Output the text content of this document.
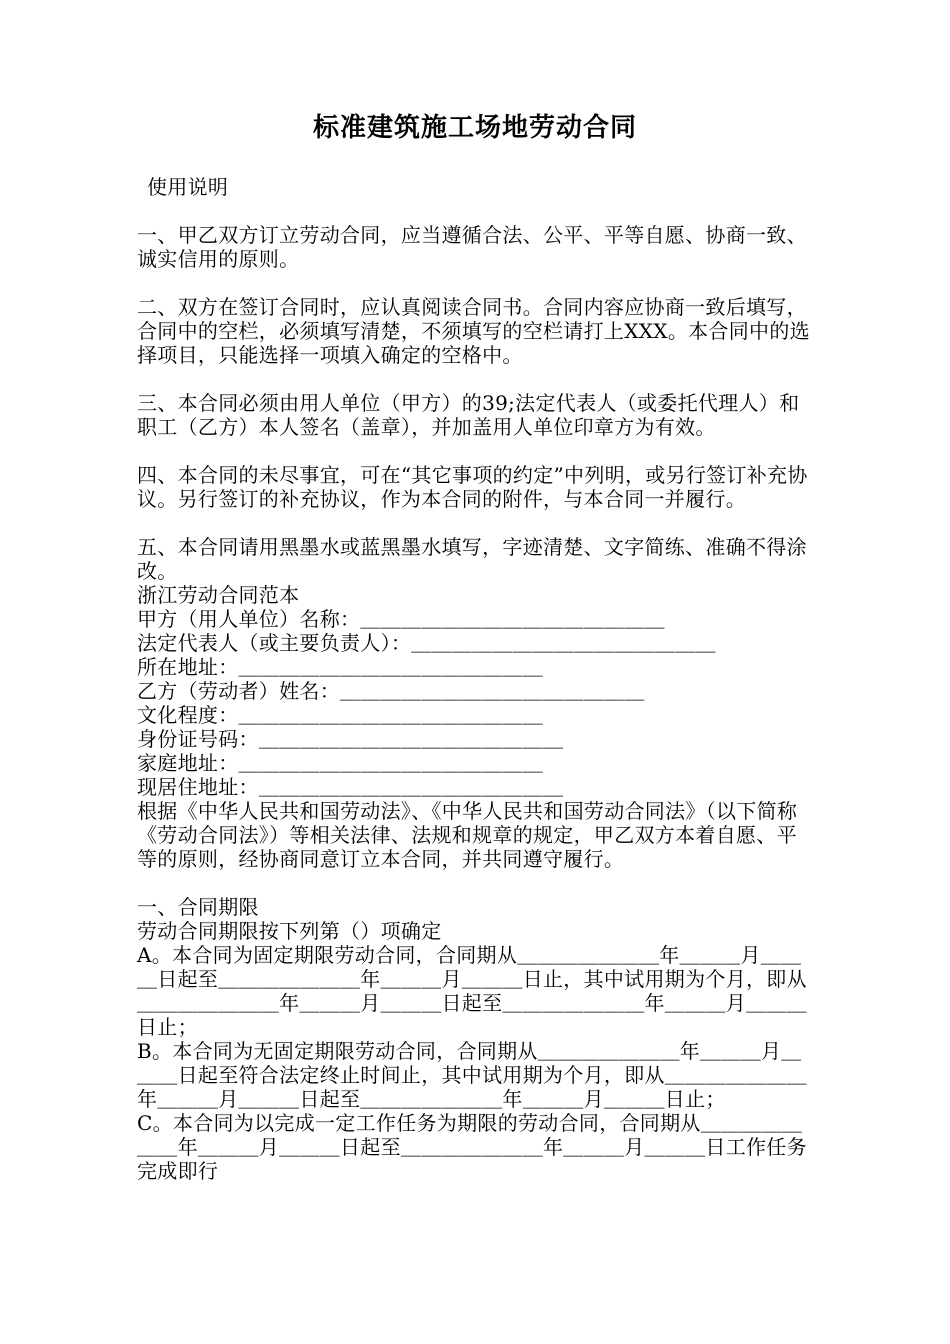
标准建筑施工场地劳动合同

使用说明

一、甲乙双方订立劳动合同，应当遵循合法、公平、平等自愿、协商一致、诚实信用的原则。

二、双方在签订合同时，应认真阅读合同书。合同内容应协商一致后填写，合同中的空栏，必须填写清楚，不须填写的空栏请打上XXX。本合同中的选择项目，只能选择一项填入确定的空格中。

三、本合同必须由用人单位（甲方）的39;法定代表人（或委托代理人）和职工（乙方）本人签名（盖章），并加盖用人单位印章方为有效。

四、本合同的未尽事宜，可在“其它事项的约定”中列明，或另行签订补充协议。另行签订的补充协议，作为本合同的附件，与本合同一并履行。

五、本合同请用黑墨水或蓝黑墨水填写，字迹清楚、文字简练、准确不得涂改。

浙江劳动合同范本

甲方（用人单位）名称：＿＿＿＿＿＿＿＿＿＿＿＿＿＿＿

法定代表人（或主要负责人）：＿＿＿＿＿＿＿＿＿＿＿＿＿＿＿

所在地址：＿＿＿＿＿＿＿＿＿＿＿＿＿＿＿

乙方（劳动者）姓名：＿＿＿＿＿＿＿＿＿＿＿＿＿＿＿

文化程度：＿＿＿＿＿＿＿＿＿＿＿＿＿＿＿

身份证号码：＿＿＿＿＿＿＿＿＿＿＿＿＿＿＿

家庭地址：＿＿＿＿＿＿＿＿＿＿＿＿＿＿＿

现居住地址：＿＿＿＿＿＿＿＿＿＿＿＿＿＿＿

根据《中华人民共和国劳动法》、《中华人民共和国劳动合同法》（以下简称《劳动合同法》）等相关法律、法规和规章的规定，甲乙双方本着自愿、平等的原则，经协商同意订立本合同，并共同遵守履行。

一、合同期限

劳动合同期限按下列第（）项确定

A。本合同为固定期限劳动合同，合同期从＿＿＿＿＿＿＿年＿＿＿月＿＿＿日起至＿＿＿＿＿＿＿年＿＿＿月＿＿＿日止，其中试用期为个月，即从＿＿＿＿＿＿＿年＿＿＿月＿＿＿日起至＿＿＿＿＿＿＿年＿＿＿月＿＿＿日止；

B。本合同为无固定期限劳动合同，合同期从＿＿＿＿＿＿＿年＿＿＿月＿＿＿日起至符合法定终止时间止，其中试用期为个月，即从＿＿＿＿＿＿＿年＿＿＿月＿＿＿日起至＿＿＿＿＿＿＿年＿＿＿月＿＿＿日止；

C。本合同为以完成一定工作任务为期限的劳动合同，合同期从＿＿＿＿＿＿＿年＿＿＿月＿＿＿日起至＿＿＿＿＿＿＿年＿＿＿月＿＿＿日工作任务完成即行
